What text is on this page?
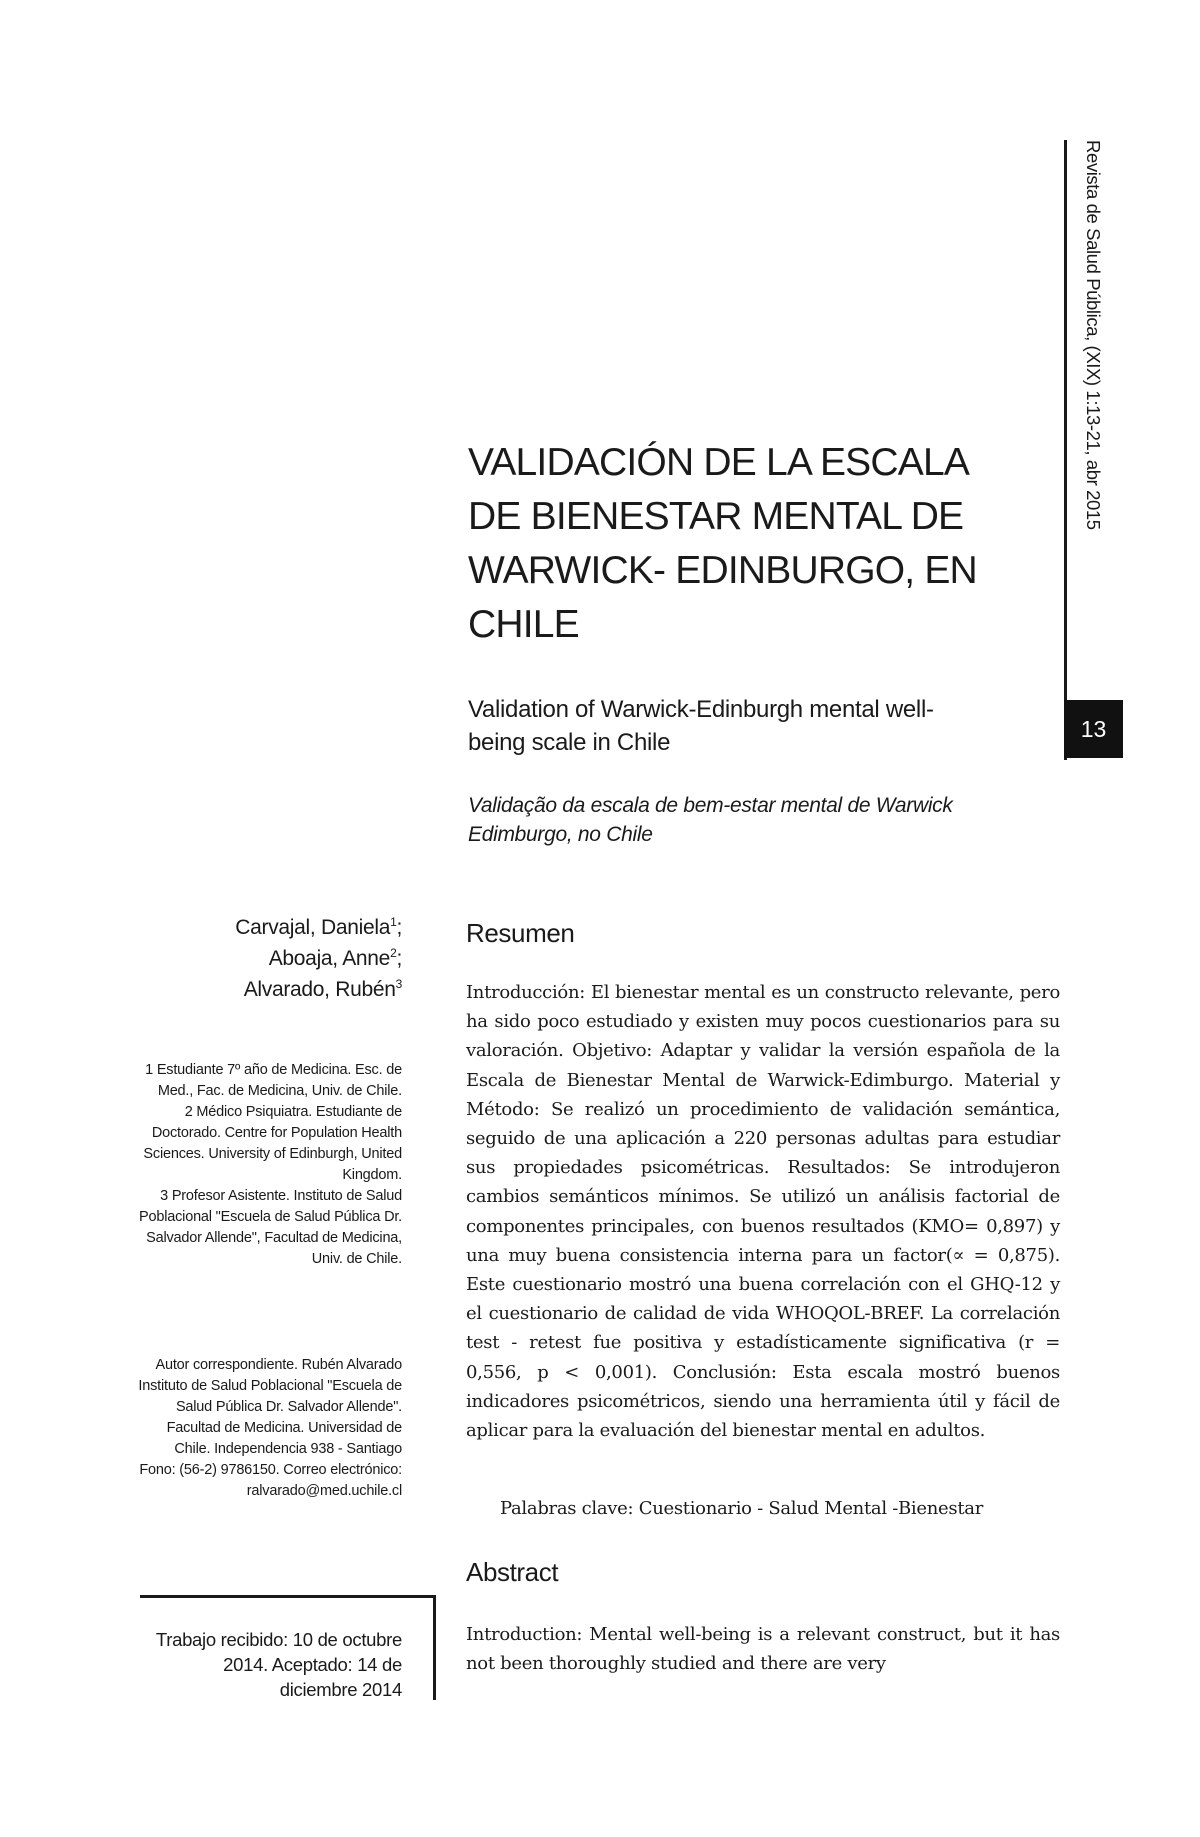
Revista de Salud Pública, (XIX) 1:13-21, abr 2015
13
VALIDACIÓN DE LA ESCALA
DE BIENESTAR MENTAL DE
WARWICK- EDINBURGO, EN
CHILE

Validation of Warwick-Edinburgh mental well-
being scale in Chile

Validação da escala de bem-estar mental de Warwick
Edimburgo, no Chile

Carvajal, Daniela$^1$;
Aboaja, Anne$^2$;
Alvarado, Rubén$^3$

1 Estudiante 7º año de Medicina. Esc. de Med., Fac. de Medicina, Univ. de Chile.

2 Médico Psiquiatra. Estudiante de Doctorado. Centre for Population Health Sciences. University of Edinburgh, United Kingdom.

3 Profesor Asistente. Instituto de Salud Poblacional "Escuela de Salud Pública Dr. Salvador Allende", Facultad de Medicina, Univ. de Chile.

Autor correspondiente. Rubén Alvarado Instituto de Salud Poblacional "Escuela de Salud Pública Dr. Salvador Allende". Facultad de Medicina. Universidad de Chile. Independencia 938 - Santiago Fono: (56-2) 9786150. Correo electrónico: ralvarado@med.uchile.cl

Trabajo recibido: 10 de octubre 2014. Aceptado: 14 de diciembre 2014

Resumen

Introducción: El bienestar mental es un constructo relevante, pero ha sido poco estudiado y existen muy pocos cuestionarios para su valoración. Objetivo: Adaptar y validar la versión española de la Escala de Bienestar Mental de Warwick-Edimburgo. Material y Método: Se realizó un procedimiento de validación semántica, seguido de una aplicación a 220 personas adultas para estudiar sus propiedades psicométricas. Resultados: Se introdujeron cambios semánticos mínimos. Se utilizó un análisis factorial de componentes principales, con buenos resultados (KMO= 0,897) y una muy buena consistencia interna para un factor(∝ = 0,875). Este cuestionario mostró una buena correlación con el GHQ-12 y el cuestionario de calidad de vida WHOQOL-BREF. La correlación test - retest fue positiva y estadísticamente significativa (r = 0,556, p < 0,001). Conclusión: Esta escala mostró buenos indicadores psicométricos, siendo una herramienta útil y fácil de aplicar para la evaluación del bienestar mental en adultos.

Palabras clave: Cuestionario - Salud Mental -Bienestar

Abstract

Introduction: Mental well-being is a relevant construct, but it has not been thoroughly studied and there are very
